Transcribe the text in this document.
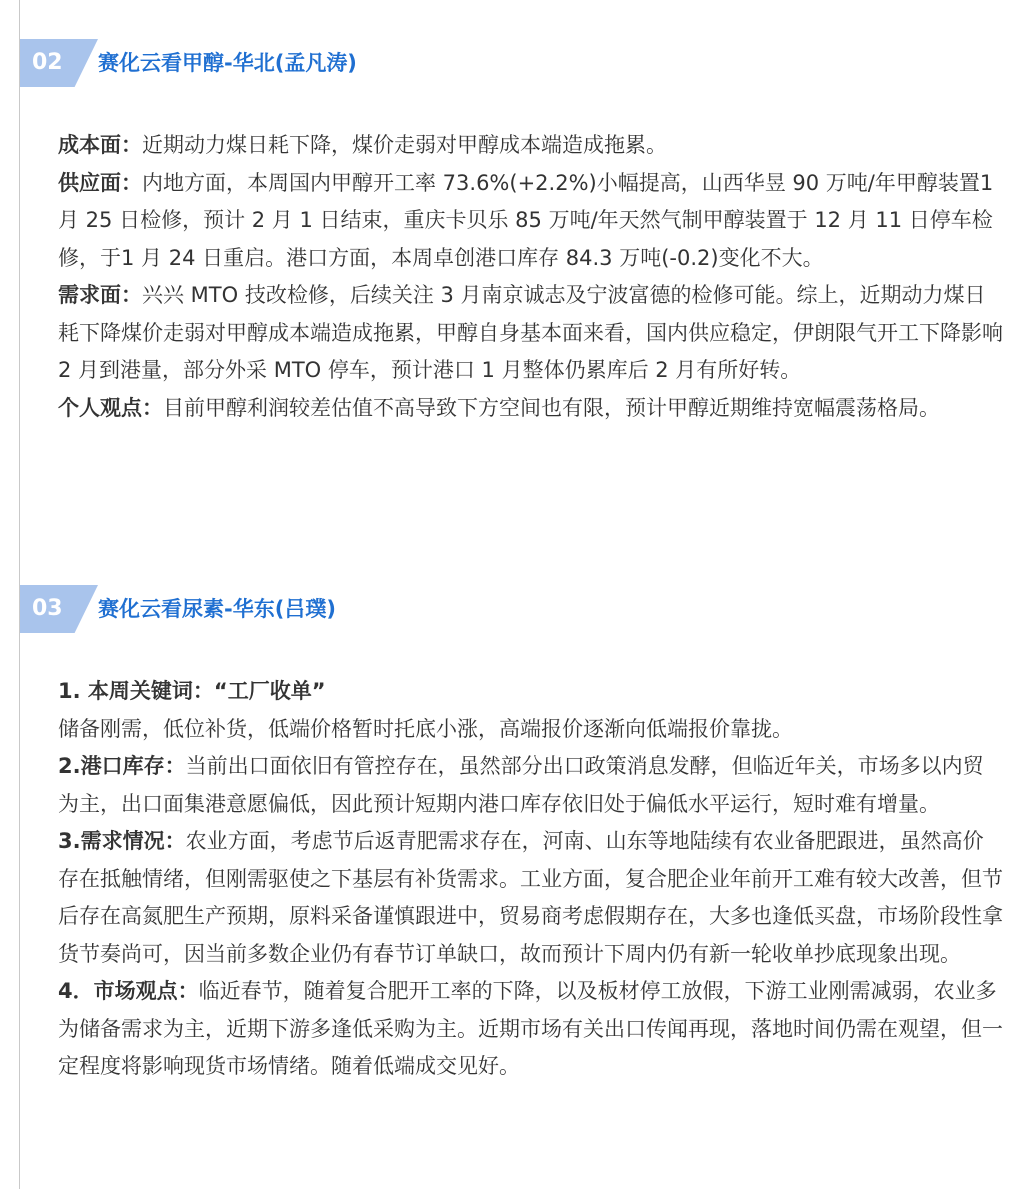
02 赛化云看甲醇-华北(孟凡涛)

成本面：近期动力煤日耗下降，煤价走弱对甲醇成本端造成拖累。

供应面：内地方面，本周国内甲醇开工率 73.6%(+2.2%)小幅提高，山西华昱 90 万吨/年甲醇装置1 月 25 日检修，预计 2 月 1 日结束，重庆卡贝乐 85 万吨/年天然气制甲醇装置于 12 月 11 日停车检修，于1 月 24 日重启。港口方面，本周卓创港口库存 84.3 万吨(-0.2)变化不大。

需求面：兴兴 MTO 技改检修，后续关注 3 月南京诚志及宁波富德的检修可能。综上，近期动力煤日耗下降煤价走弱对甲醇成本端造成拖累，甲醇自身基本面来看，国内供应稳定，伊朗限气开工下降影响 2 月到港量，部分外采 MTO 停车，预计港口 1 月整体仍累库后 2 月有所好转。

个人观点：目前甲醇利润较差估值不高导致下方空间也有限，预计甲醇近期维持宽幅震荡格局。

03 赛化云看尿素-华东(吕璞)

1. 本周关键词：“工厂收单”

储备刚需，低位补货，低端价格暂时托底小涨，高端报价逐渐向低端报价靠拢。

2.港口库存：当前出口面依旧有管控存在，虽然部分出口政策消息发酵，但临近年关，市场多以内贸为主，出口面集港意愿偏低，因此预计短期内港口库存依旧处于偏低水平运行，短时难有增量。

3.需求情况：农业方面，考虑节后返青肥需求存在，河南、山东等地陆续有农业备肥跟进，虽然高价存在抵触情绪，但刚需驱使之下基层有补货需求。工业方面，复合肥企业年前开工难有较大改善，但节后存在高氮肥生产预期，原料采备谨慎跟进中，贸易商考虑假期存在，大多也逢低买盘，市场阶段性拿货节奏尚可，因当前多数企业仍有春节订单缺口，故而预计下周内仍有新一轮收单抄底现象出现。

4．市场观点：临近春节，随着复合肥开工率的下降，以及板材停工放假，下游工业刚需减弱，农业多为储备需求为主，近期下游多逢低采购为主。近期市场有关出口传闻再现，落地时间仍需在观望，但一定程度将影响现货市场情绪。随着低端成交见好。
